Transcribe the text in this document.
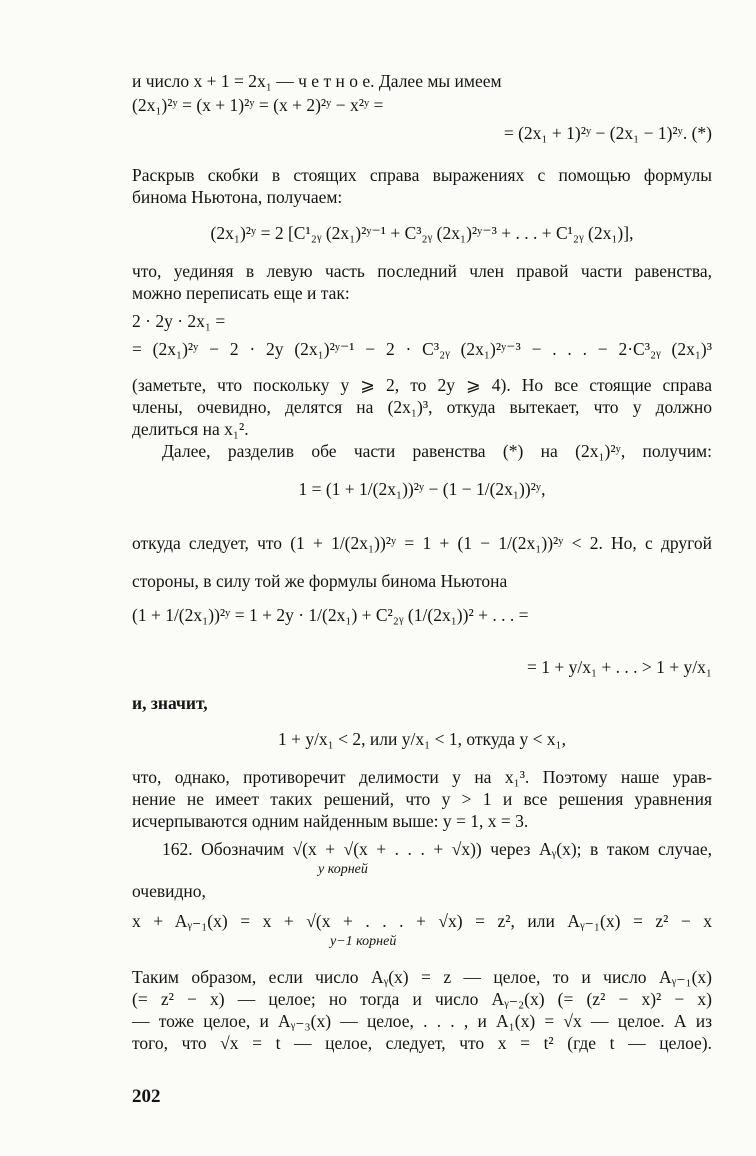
и число x + 1 = 2x₁ — ч е т н о е. Далее мы имеем
(2x₁)²ʸ = (x + 1)²ʸ = (x + 2)²ʸ − x²ʸ =
= (2x₁ + 1)²ʸ − (2x₁ − 1)²ʸ. (*)
Раскрыв скобки в стоящих справа выражениях с помощью формулы
бинома Ньютона, получаем:
(2x₁)²ʸ = 2 [C¹₂ᵧ (2x₁)²ʸ⁻¹ + C³₂ᵧ (2x₁)²ʸ⁻³ + . . . + C¹₂ᵧ (2x₁)],
что, уединяя в левую часть последний член правой части равенства,
можно переписать еще и так:
2 · 2y · 2x₁ =
= (2x₁)²ʸ − 2 · 2y (2x₁)²ʸ⁻¹ − 2 · C³₂ᵧ (2x₁)²ʸ⁻³ − . . . − 2·C³₂ᵧ (2x₁)³
(заметьте, что поскольку y ⩾ 2, то 2y ⩾ 4). Но все стоящие справа
члены, очевидно, делятся на (2x₁)³, откуда вытекает, что y должно
делиться на x₁².
Далее, разделив обе части равенства (*) на (2x₁)²ʸ, получим:
1 = (1 + 1/(2x₁))²ʸ − (1 − 1/(2x₁))²ʸ,
откуда следует, что (1 + 1/(2x₁))²ʸ = 1 + (1 − 1/(2x₁))²ʸ < 2. Но, с другой
стороны, в силу той же формулы бинома Ньютона
(1 + 1/(2x₁))²ʸ = 1 + 2y · 1/(2x₁) + C²₂ᵧ (1/(2x₁))² + . . . =
= 1 + y/x₁ + . . . > 1 + y/x₁
и, значит,
1 + y/x₁ < 2, или y/x₁ < 1, откуда y < x₁,
что, однако, противоречит делимости y на x₁³. Поэтому наше урав-
нение не имеет таких решений, что y > 1 и все решения уравнения
исчерпываются одним найденным выше: y = 1, x = 3.
162. Обозначим √(x + √(x + . . . + √x)) через Aᵧ(x); в таком случае,
очевидно,
x + Aᵧ₋₁(x) = x + √(x + . . . + √x) = z², или Aᵧ₋₁(x) = z² − x
Таким образом, если число Aᵧ(x) = z — целое, то и число Aᵧ₋₁(x)
(= z² − x) — целое; но тогда и число Aᵧ₋₂(x) (= (z² − x)² − x)
— тоже целое, и Aᵧ₋₃(x) — целое, . . . , и A₁(x) = √x — целое. А из
того, что √x = t — целое, следует, что x = t² (где t — целое).
y корней
y−1 корней
202
